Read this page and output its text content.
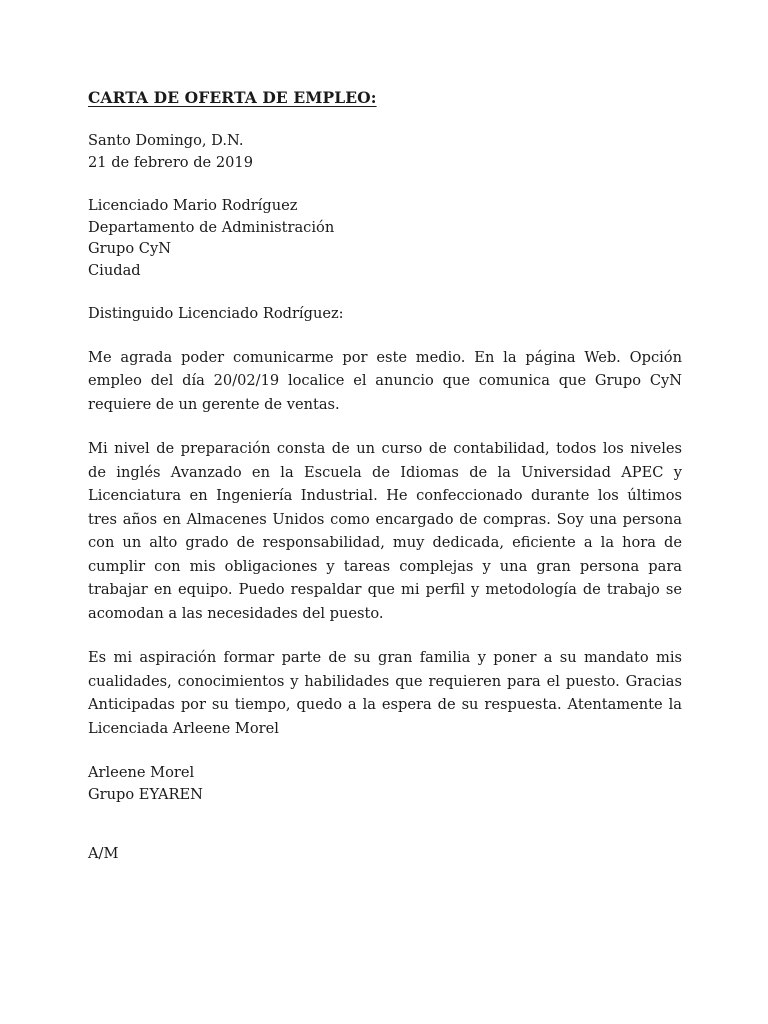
CARTA DE OFERTA DE EMPLEO:
Santo Domingo, D.N.
21 de febrero de 2019
Licenciado Mario Rodríguez
Departamento de Administración
Grupo CyN
Ciudad
Distinguido Licenciado Rodríguez:

Me agrada poder comunicarme por este medio. En la página Web. Opción empleo del día 20/02/19 localice el anuncio que comunica que Grupo CyN requiere de un gerente de ventas.

Mi nivel de preparación consta de un curso de contabilidad, todos los niveles de inglés Avanzado en la Escuela de Idiomas de la Universidad APEC y Licenciatura en Ingeniería Industrial. He confeccionado durante los últimos tres años en Almacenes Unidos como encargado de compras. Soy una persona con un alto grado de responsabilidad, muy dedicada, eficiente a la hora de cumplir con mis obligaciones y tareas complejas y una gran persona para trabajar en equipo. Puedo respaldar que mi perfil y metodología de trabajo se acomodan a las necesidades del puesto.

Es mi aspiración formar parte de su gran familia y poner a su mandato mis cualidades, conocimientos y habilidades que requieren para el puesto. Gracias Anticipadas por su tiempo, quedo a la espera de su respuesta. Atentamente la Licenciada Arleene Morel

Arleene Morel
Grupo EYAREN
A/M
